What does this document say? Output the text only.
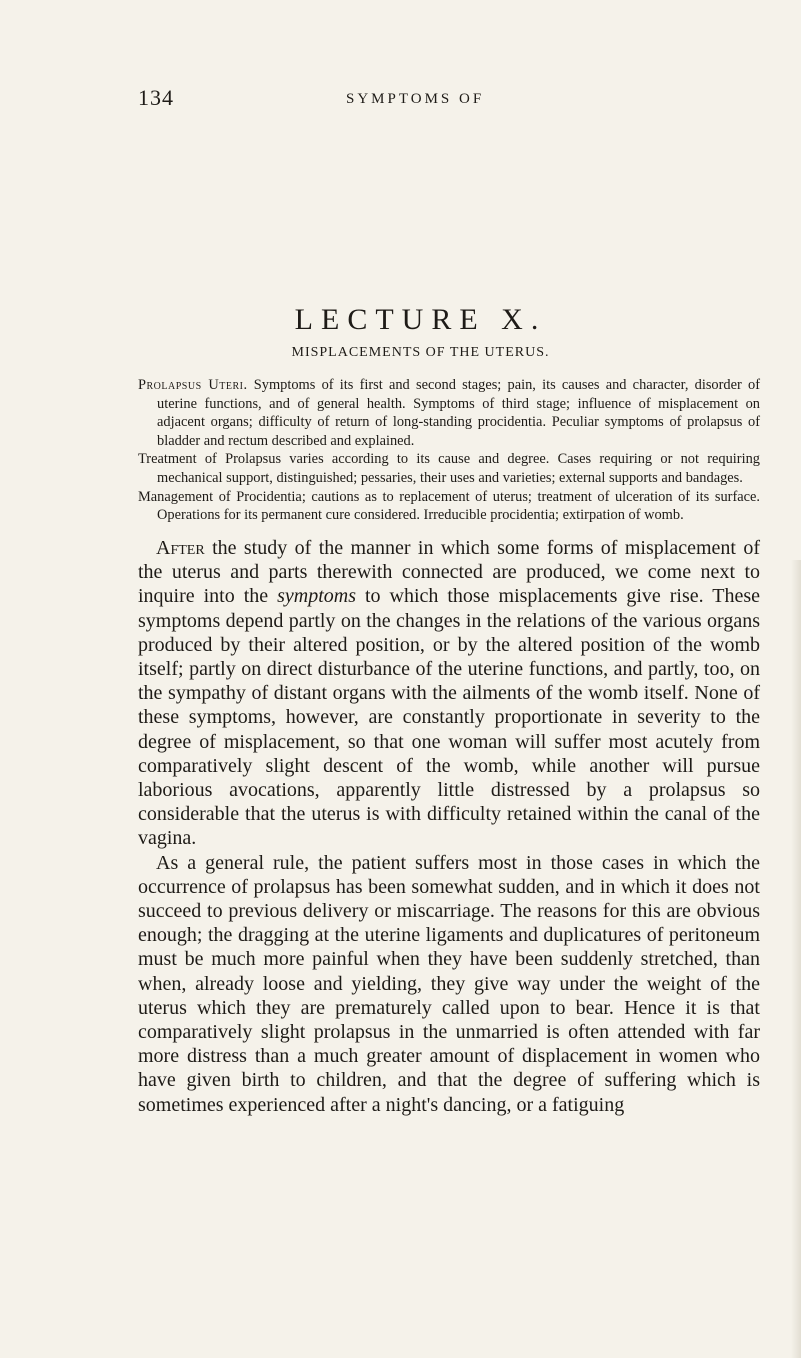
134	SYMPTOMS OF
LECTURE X.
MISPLACEMENTS OF THE UTERUS.

Prolapsus Uteri. Symptoms of its first and second stages; pain, its causes and character, disorder of uterine functions, and of general health. Symptoms of third stage; influence of misplacement on adjacent organs; difficulty of return of long-standing procidentia. Peculiar symptoms of prolapsus of bladder and rectum described and explained.

Treatment of Prolapsus varies according to its cause and degree. Cases requiring or not requiring mechanical support, distinguished; pessaries, their uses and varieties; external supports and bandages.

Management of Procidentia; cautions as to replacement of uterus; treatment of ulceration of its surface. Operations for its permanent cure considered. Irreducible procidentia; extirpation of womb.

After the study of the manner in which some forms of misplacement of the uterus and parts therewith connected are produced, we come next to inquire into the symptoms to which those misplacements give rise. These symptoms depend partly on the changes in the relations of the various organs produced by their altered position, or by the altered position of the womb itself; partly on direct disturbance of the uterine functions, and partly, too, on the sympathy of distant organs with the ailments of the womb itself. None of these symptoms, however, are constantly proportionate in severity to the degree of misplacement, so that one woman will suffer most acutely from comparatively slight descent of the womb, while another will pursue laborious avocations, apparently little distressed by a prolapsus so considerable that the uterus is with difficulty retained within the canal of the vagina.

As a general rule, the patient suffers most in those cases in which the occurrence of prolapsus has been somewhat sudden, and in which it does not succeed to previous delivery or miscarriage. The reasons for this are obvious enough; the dragging at the uterine ligaments and duplicatures of peritoneum must be much more painful when they have been suddenly stretched, than when, already loose and yielding, they give way under the weight of the uterus which they are prematurely called upon to bear. Hence it is that comparatively slight prolapsus in the unmarried is often attended with far more distress than a much greater amount of displacement in women who have given birth to children, and that the degree of suffering which is sometimes experienced after a night's dancing, or a fatiguing
